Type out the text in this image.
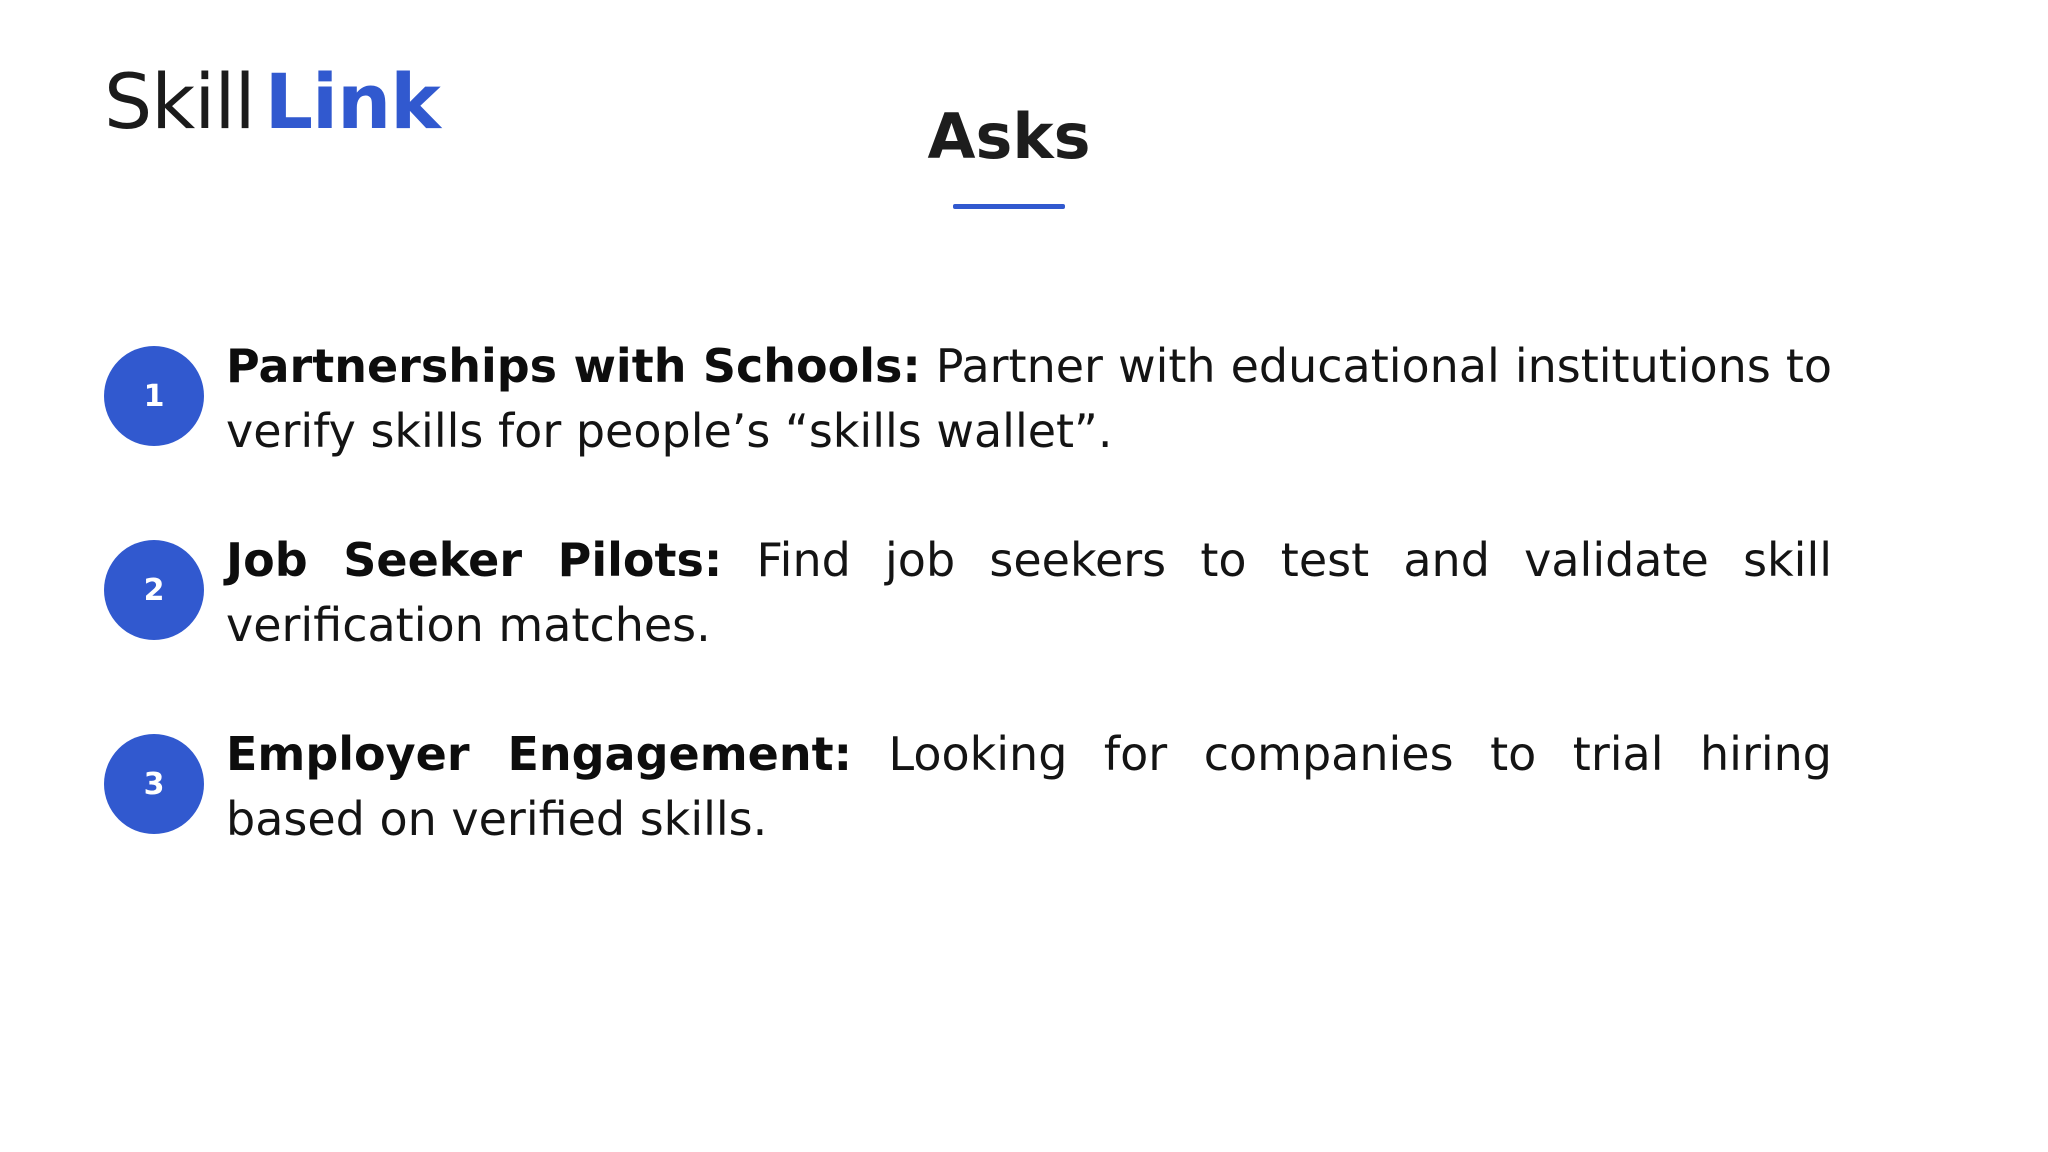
Skill Link	Asks
1
Partnerships with Schools: Partner with educational institutions to verify skills for people’s “skills wallet”.
2
Job Seeker Pilots: Find job seekers to test and validate skill verification matches.
3
Employer Engagement: Looking for companies to trial hiring based on verified skills.
